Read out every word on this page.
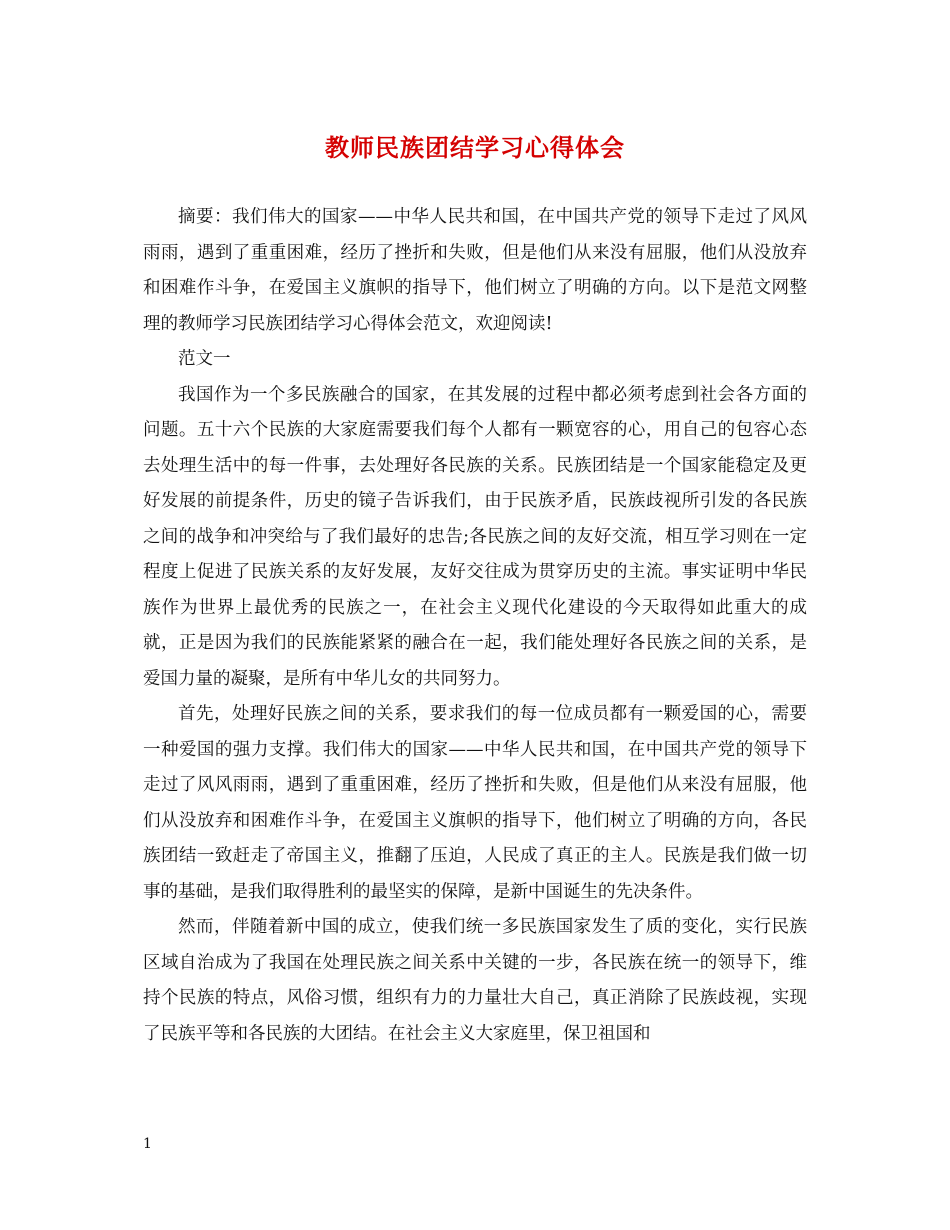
教师民族团结学习心得体会

摘要：我们伟大的国家——中华人民共和国，在中国共产党的领导下走过了风风雨雨，遇到了重重困难，经历了挫折和失败，但是他们从来没有屈服，他们从没放弃和困难作斗争，在爱国主义旗帜的指导下，他们树立了明确的方向。以下是范文网整理的教师学习民族团结学习心得体会范文，欢迎阅读!

范文一

我国作为一个多民族融合的国家，在其发展的过程中都必须考虑到社会各方面的问题。五十六个民族的大家庭需要我们每个人都有一颗宽容的心，用自己的包容心态去处理生活中的每一件事，去处理好各民族的关系。民族团结是一个国家能稳定及更好发展的前提条件，历史的镜子告诉我们，由于民族矛盾，民族歧视所引发的各民族之间的战争和冲突给与了我们最好的忠告;各民族之间的友好交流，相互学习则在一定程度上促进了民族关系的友好发展，友好交往成为贯穿历史的主流。事实证明中华民族作为世界上最优秀的民族之一，在社会主义现代化建设的今天取得如此重大的成就，正是因为我们的民族能紧紧的融合在一起，我们能处理好各民族之间的关系，是爱国力量的凝聚，是所有中华儿女的共同努力。

首先，处理好民族之间的关系，要求我们的每一位成员都有一颗爱国的心，需要一种爱国的强力支撑。我们伟大的国家——中华人民共和国，在中国共产党的领导下走过了风风雨雨，遇到了重重困难，经历了挫折和失败，但是他们从来没有屈服，他们从没放弃和困难作斗争，在爱国主义旗帜的指导下，他们树立了明确的方向，各民族团结一致赶走了帝国主义，推翻了压迫，人民成了真正的主人。民族是我们做一切事的基础，是我们取得胜利的最坚实的保障，是新中国诞生的先决条件。

然而，伴随着新中国的成立，使我们统一多民族国家发生了质的变化，实行民族区域自治成为了我国在处理民族之间关系中关键的一步，各民族在统一的领导下，维持个民族的特点，风俗习惯，组织有力的力量壮大自己，真正消除了民族歧视，实现了民族平等和各民族的大团结。在社会主义大家庭里，保卫祖国和

1
